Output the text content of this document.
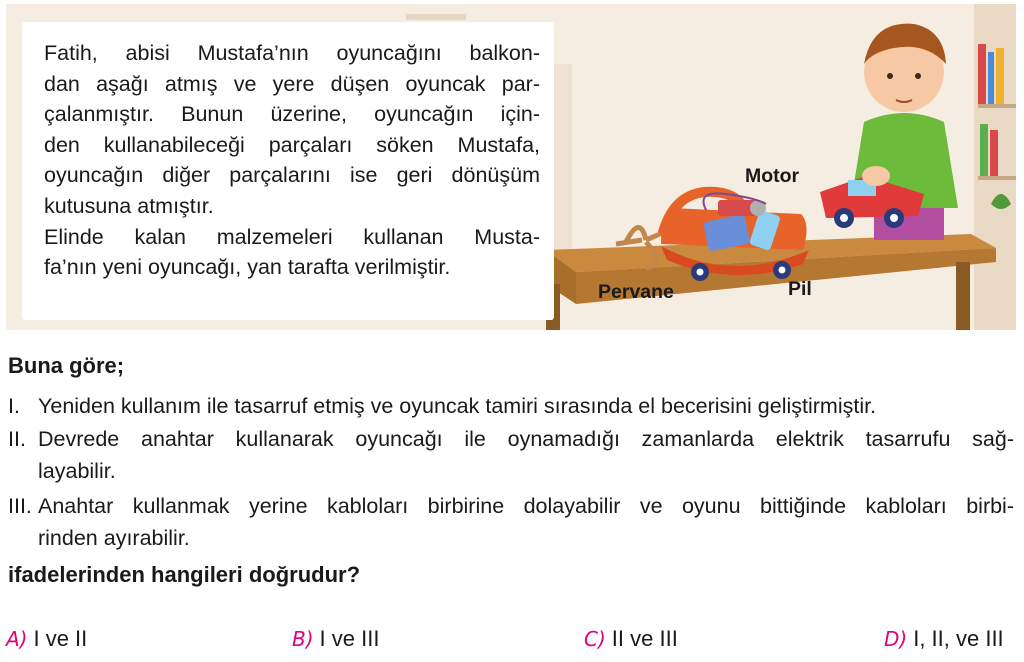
Fatih, abisi Mustafa’nın oyuncağını balkon-

dan aşağı atmış ve yere düşen oyuncak par-

çalanmıştır. Bunun üzerine, oyuncağın için-

den kullanabileceği parçaları söken Mustafa,

oyuncağın diğer parçalarını ise geri dönüşüm

kutusuna atmıştır.

Elinde kalan malzemeleri kullanan Musta-

fa’nın yeni oyuncağı, yan tarafta verilmiştir.

Motor
Pervane	Pil
Buna göre;
I. Yeniden kullanım ile tasarruf etmiş ve oyuncak tamiri sırasında el becerisini geliştirmiştir.
II. Devrede anahtar kullanarak oyuncağı ile oynamadığı zamanlarda elektrik tasarrufu sağ-
layabilir.
III. Anahtar kullanmak yerine kabloları birbirine dolayabilir ve oyunu bittiğinde kabloları birbi-
rinden ayırabilir.
ifadelerinden hangileri doğrudur?
A) I ve II	B) I ve III	C) II ve III	D) I, II, ve III
